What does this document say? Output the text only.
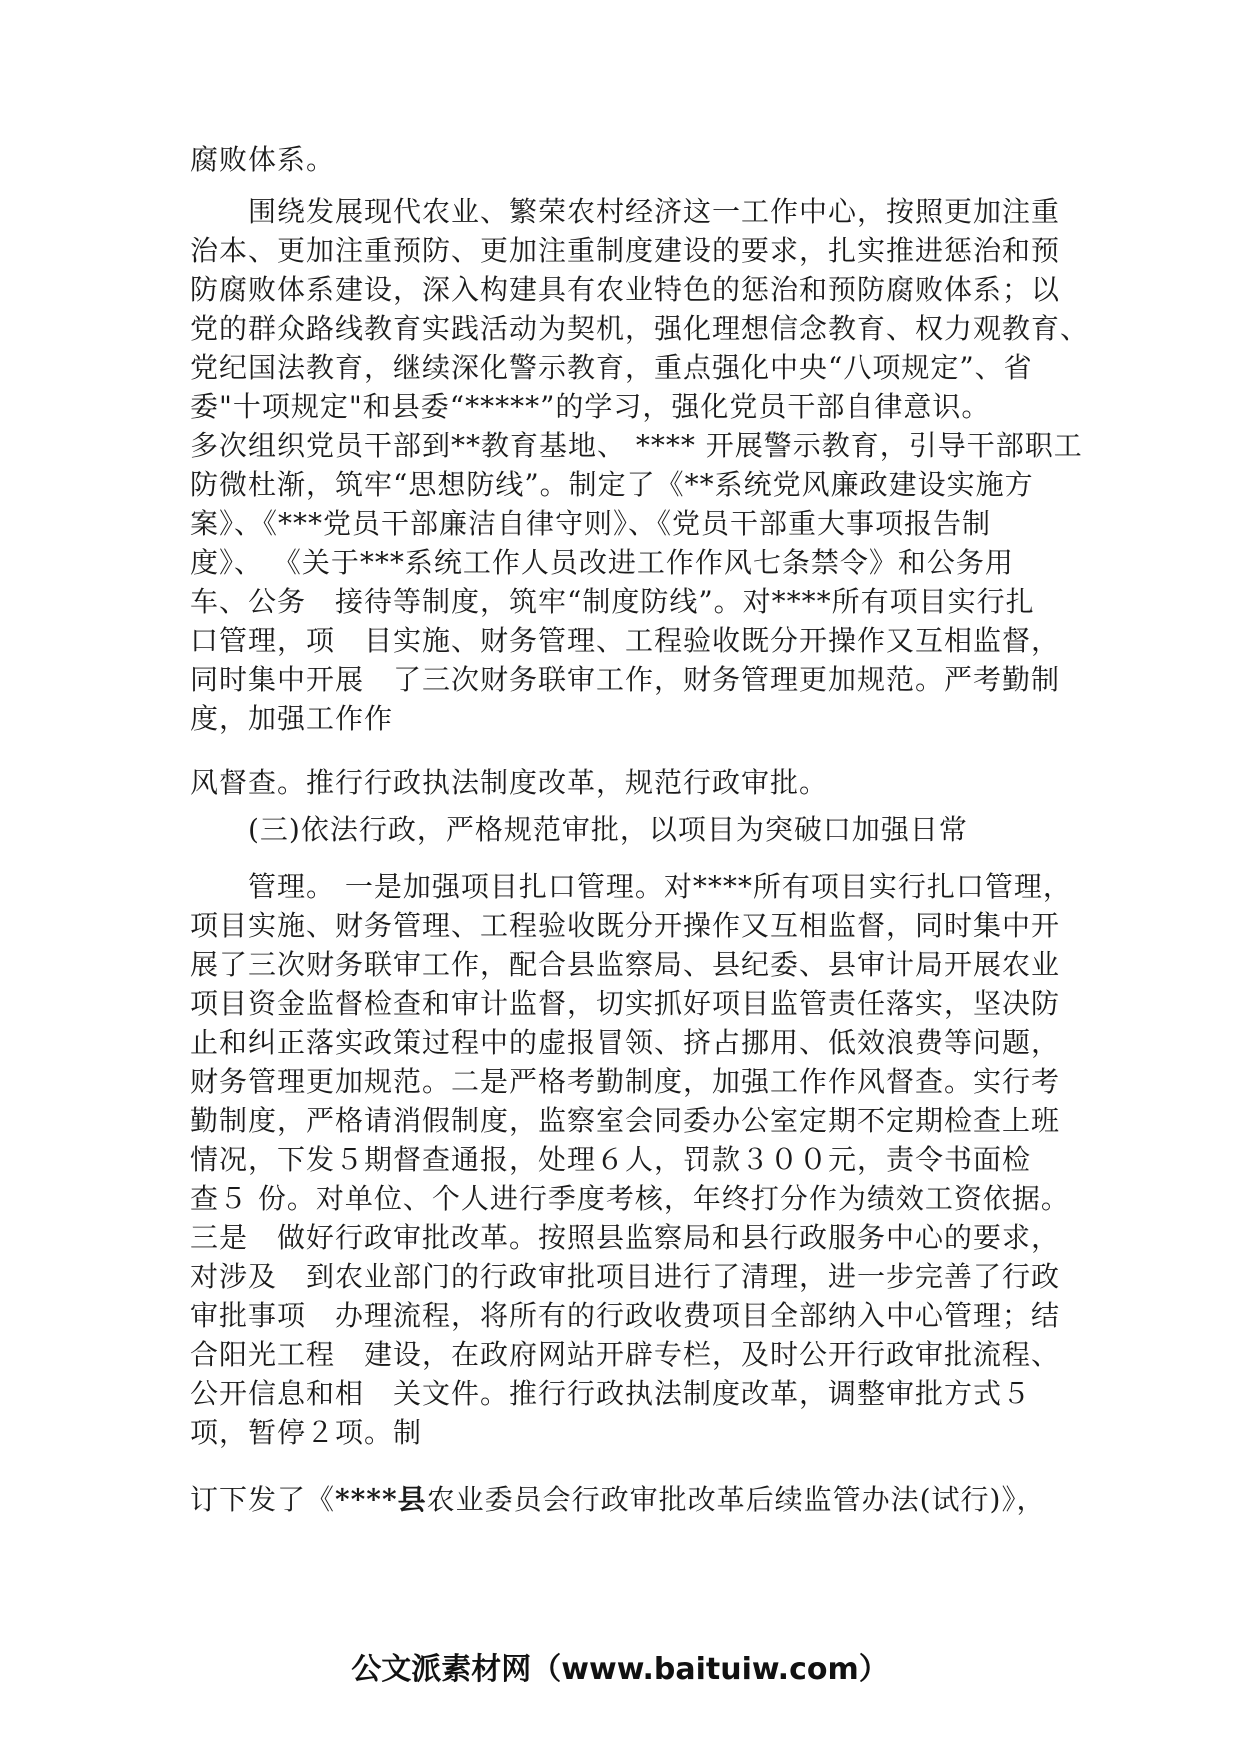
腐败体系。
　　围绕发展现代农业、繁荣农村经济这一工作中心，按照更加注重
治本、更加注重预防、更加注重制度建设的要求，扎实推进惩治和预
防腐败体系建设，深入构建具有农业特色的惩治和预防腐败体系；以
党的群众路线教育实践活动为契机，强化理想信念教育、权力观教育、
党纪国法教育，继续深化警示教育，重点强化中央“八项规定”、省
委"十项规定"和县委“*****”的学习，强化党员干部自律意识。
多次组织党员干部到**教育基地、 **** 开展警示教育，引导干部职工
防微杜渐，筑牢“思想防线”。制定了《**系统党风廉政建设实施方
案》、《***党员干部廉洁自律守则》、《党员干部重大事项报告制
度》、 《关于***系统工作人员改进工作作风七条禁令》和公务用
车、公务　接待等制度，筑牢“制度防线”。对****所有项目实行扎
口管理，项　目实施、财务管理、工程验收既分开操作又互相监督，
同时集中开展　了三次财务联审工作，财务管理更加规范。严考勤制
度，加强工作作
风督查。推行行政执法制度改革，规范行政审批。
　　(三)依法行政，严格规范审批，以项目为突破口加强日常
　　管理。 一是加强项目扎口管理。对****所有项目实行扎口管理，
项目实施、财务管理、工程验收既分开操作又互相监督，同时集中开
展了三次财务联审工作，配合县监察局、县纪委、县审计局开展农业
项目资金监督检查和审计监督，切实抓好项目监管责任落实，坚决防
止和纠正落实政策过程中的虚报冒领、挤占挪用、低效浪费等问题，
财务管理更加规范。二是严格考勤制度，加强工作作风督查。实行考
勤制度，严格请消假制度，监察室会同委办公室定期不定期检查上班
情况，下发５期督查通报，处理６人，罚款３００元，责令书面检
查５ 份。对单位、个人进行季度考核，年终打分作为绩效工资依据。
三是　做好行政审批改革。按照县监察局和县行政服务中心的要求，
对涉及　到农业部门的行政审批项目进行了清理，进一步完善了行政
审批事项　办理流程，将所有的行政收费项目全部纳入中心管理；结
合阳光工程　建设，在政府网站开辟专栏，及时公开行政审批流程、
公开信息和相　关文件。推行行政执法制度改革，调整审批方式５
项，暂停２项。制
订下发了《****县农业委员会行政审批改革后续监管办法(试行)》，
公文派素材网（www.baituiw.com）
